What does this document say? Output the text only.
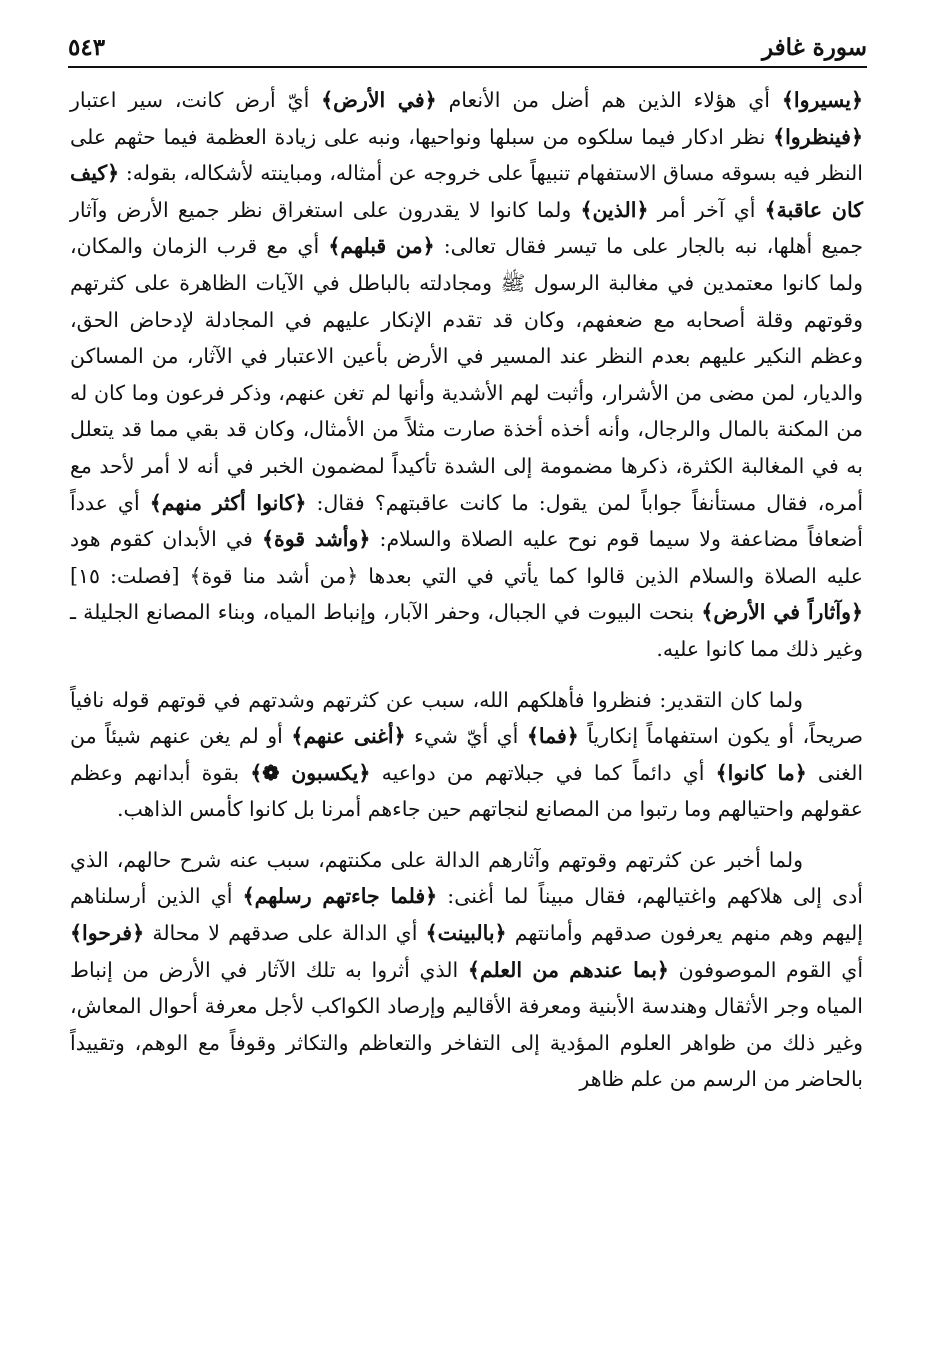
سورة غافر
٥٤٣

﴿يسيروا﴾ أي هؤلاء الذين هم أضل من الأنعام ﴿في الأرض﴾ أيّ أرض كانت، سير اعتبار ﴿فينظروا﴾ نظر ادكار فيما سلكوه من سبلها ونواحيها، ونبه على زيادة العظمة فيما حثهم على النظر فيه بسوقه مساق الاستفهام تنبيهاً على خروجه عن أمثاله، ومباينته لأشكاله، بقوله: ﴿كيف كان عاقبة﴾ أي آخر أمر ﴿الذين﴾ ولما كانوا لا يقدرون على استغراق نظر جميع الأرض وآثار جميع أهلها، نبه بالجار على ما تيسر فقال تعالى: ﴿من قبلهم﴾ أي مع قرب الزمان والمكان، ولما كانوا معتمدين في مغالبة الرسول ﷺ ومجادلته بالباطل في الآيات الظاهرة على كثرتهم وقوتهم وقلة أصحابه مع ضعفهم، وكان قد تقدم الإنكار عليهم في المجادلة لإدحاض الحق، وعظم النكير عليهم بعدم النظر عند المسير في الأرض بأعين الاعتبار في الآثار، من المساكن والديار، لمن مضى من الأشرار، وأثبت لهم الأشدية وأنها لم تغن عنهم، وذكر فرعون وما كان له من المكنة بالمال والرجال، وأنه أخذه أخذة صارت مثلاً من الأمثال، وكان قد بقي مما قد يتعلل به في المغالبة الكثرة، ذكرها مضمومة إلى الشدة تأكيداً لمضمون الخبر في أنه لا أمر لأحد مع أمره، فقال مستأنفاً جواباً لمن يقول: ما كانت عاقبتهم؟ فقال: ﴿كانوا أكثر منهم﴾ أي عدداً أضعافاً مضاعفة ولا سيما قوم نوح عليه الصلاة والسلام: ﴿وأشد قوة﴾ في الأبدان كقوم هود عليه الصلاة والسلام الذين قالوا كما يأتي في التي بعدها ﴿من أشد منا قوة﴾ [فصلت: ١٥] ﴿وآثاراً في الأرض﴾ بنحت البيوت في الجبال، وحفر الآبار، وإنباط المياه، وبناء المصانع الجليلة ـ وغير ذلك مما كانوا عليه.

ولما كان التقدير: فنظروا فأهلكهم الله، سبب عن كثرتهم وشدتهم في قوتهم قوله نافياً صريحاً، أو يكون استفهاماً إنكارياً ﴿فما﴾ أي أيّ شيء ﴿أغنى عنهم﴾ أو لم يغن عنهم شيئاً من الغنى ﴿ما كانوا﴾ أي دائماً كما في جبلاتهم من دواعيه ﴿يكسبون ❁﴾ بقوة أبدانهم وعظم عقولهم واحتيالهم وما رتبوا من المصانع لنجاتهم حين جاءهم أمرنا بل كانوا كأمس الذاهب.

ولما أخبر عن كثرتهم وقوتهم وآثارهم الدالة على مكنتهم، سبب عنه شرح حالهم، الذي أدى إلى هلاكهم واغتيالهم، فقال مبيناً لما أغنى: ﴿فلما جاءتهم رسلهم﴾ أي الذين أرسلناهم إليهم وهم منهم يعرفون صدقهم وأمانتهم ﴿بالبينت﴾ أي الدالة على صدقهم لا محالة ﴿فرحوا﴾ أي القوم الموصوفون ﴿بما عندهم من العلم﴾ الذي أثروا به تلك الآثار في الأرض من إنباط المياه وجر الأثقال وهندسة الأبنية ومعرفة الأقاليم وإرصاد الكواكب لأجل معرفة أحوال المعاش، وغير ذلك من ظواهر العلوم المؤدية إلى التفاخر والتعاظم والتكاثر وقوفاً مع الوهم، وتقييداً بالحاضر من الرسم من علم ظاهر
